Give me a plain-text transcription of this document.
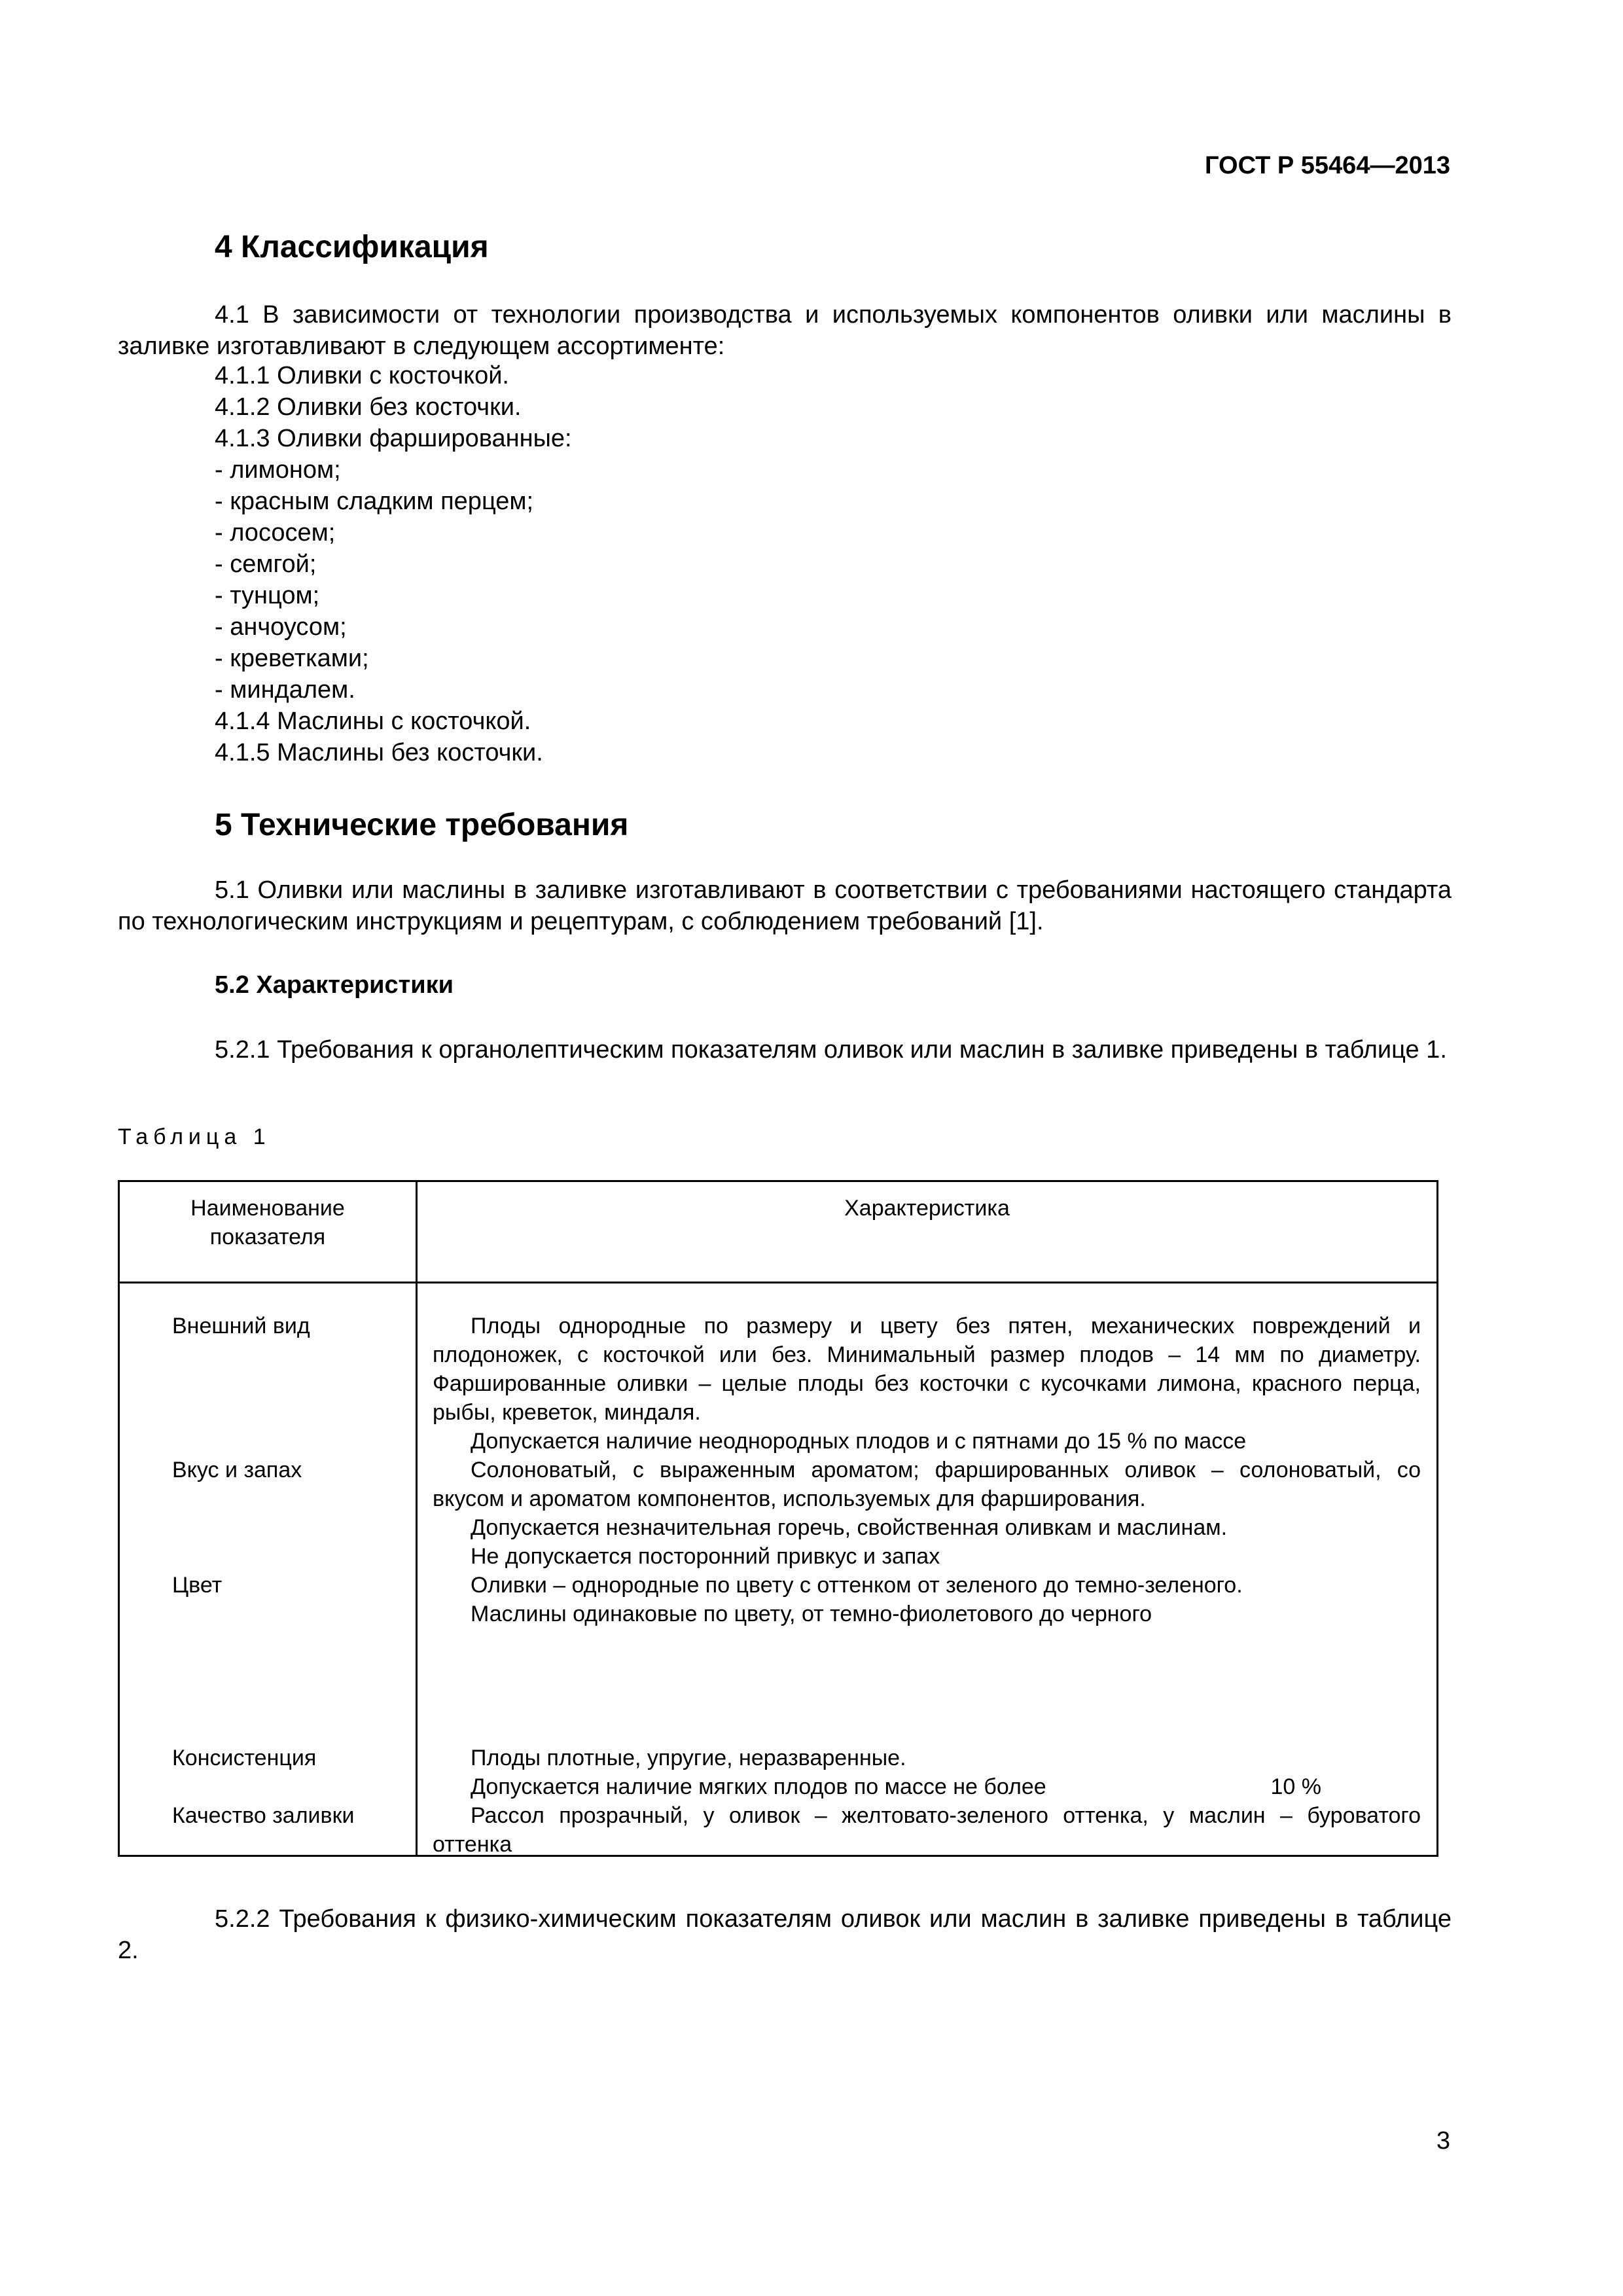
ГОСТ Р 55464—2013

4 Классификация

4.1 В зависимости от технологии производства и используемых компонентов оливки или маслины в заливке изготавливают в следующем ассортименте:

4.1.1 Оливки с косточкой.
4.1.2 Оливки без косточки.
4.1.3 Оливки фаршированные:
- лимоном;
- красным сладким перцем;
- лососем;
- семгой;
- тунцом;
- анчоусом;
- креветками;
- миндалем.
4.1.4 Маслины с косточкой.
4.1.5 Маслины без косточки.
5 Технические требования

5.1 Оливки или маслины в заливке изготавливают в соответствии с требованиями настоящего стандарта по технологическим инструкциям и рецептурам, с соблюдением требований [1].

5.2 Характеристики

5.2.1 Требования к органолептическим показателям оливок или маслин в заливке приведены в таблице 1.

Таблица 1

Наименование показателя

Характеристика

Внешний вид	Плоды однородные по размеру и цвету без пятен, механических повреждений и плодоножек, с косточкой или без. Минимальный размер плодов – 14 мм по диаметру. Фаршированные оливки – целые плоды без косточки с кусочками лимона, красного перца, рыбы, креветок, миндаля.

Допускается наличие неоднородных плодов и с пятнами до 15 % по массе

Вкус и запах	Солоноватый, с выраженным ароматом; фаршированных оливок – солоноватый, со вкусом и ароматом компонентов, используемых для фарширования.

Допускается незначительная горечь, свойственная оливкам и маслинам.

Не допускается посторонний привкус и запах

Цвет	Оливки – однородные по цвету с оттенком от зеленого до темно-зеленого.

Маслины одинаковые по цвету, от темно-фиолетового до черного

Консистенция	Плоды плотные, упругие, неразваренные.

Допускается наличие мягких плодов по массе не более	10 %

Качество заливки	Рассол прозрачный, у оливок – желтовато-зеленого оттенка, у маслин – буроватого оттенка

5.2.2 Требования к физико-химическим показателям оливок или маслин в заливке приведены в таблице 2.

3
